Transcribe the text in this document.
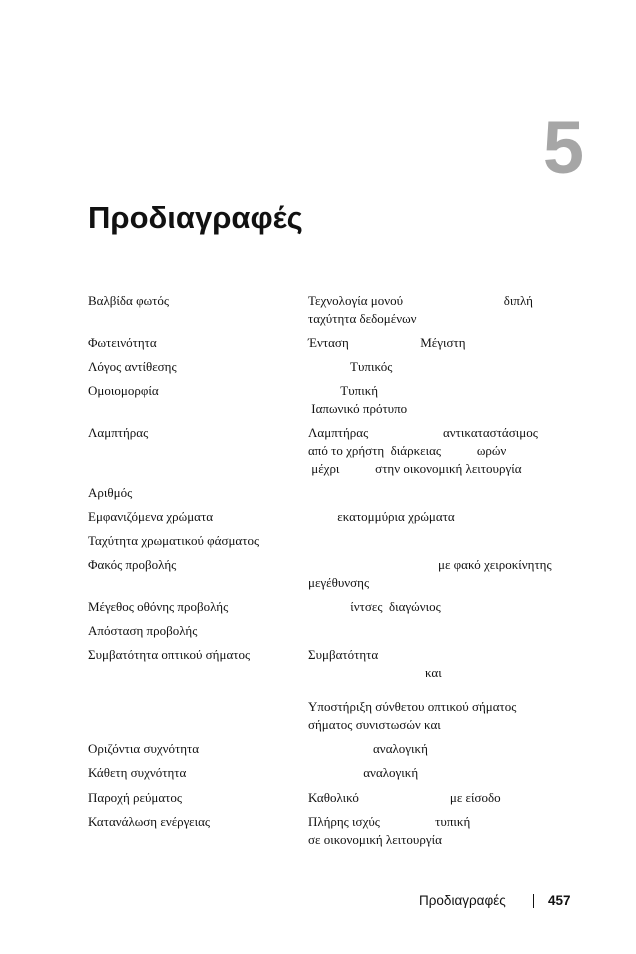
5
Προδιαγραφές
Βαλβίδα φωτός	Τεχνολογία μονού                               διπλή
ταχύτητα δεδομένων
Φωτεινότητα	Ένταση                      Μέγιστη
Λόγος αντίθεσης	Τυπικός
Ομοιομορφία	Τυπική
Ιαπωνικό πρότυπο
Λαμπτήρας	Λαμπτήρας                       αντικαταστάσιμος
από το χρήστη  διάρκειας           ωρών
μέχρι           στην οικονομική λειτουργία
Αριθμός
Εμφανιζόμενα χρώματα	εκατομμύρια χρώματα
Ταχύτητα χρωματικού φάσματος
Φακός προβολής	με φακό χειροκίνητης
μεγέθυνσης
Μέγεθος οθόνης προβολής	ίντσες  διαγώνιος
Απόσταση προβολής
Συμβατότητα οπτικού σήματος	Συμβατότητα
και
Υποστήριξη σύνθετου οπτικού σήματος
σήματος συνιστωσών και
Οριζόντια συχνότητα	αναλογική
Κάθετη συχνότητα	αναλογική
Παροχή ρεύματος	Καθολικό                            με είσοδο
Κατανάλωση ενέργειας	Πλήρης ισχύς                 τυπική
σε οικονομική λειτουργία
Προδιαγραφές	457
